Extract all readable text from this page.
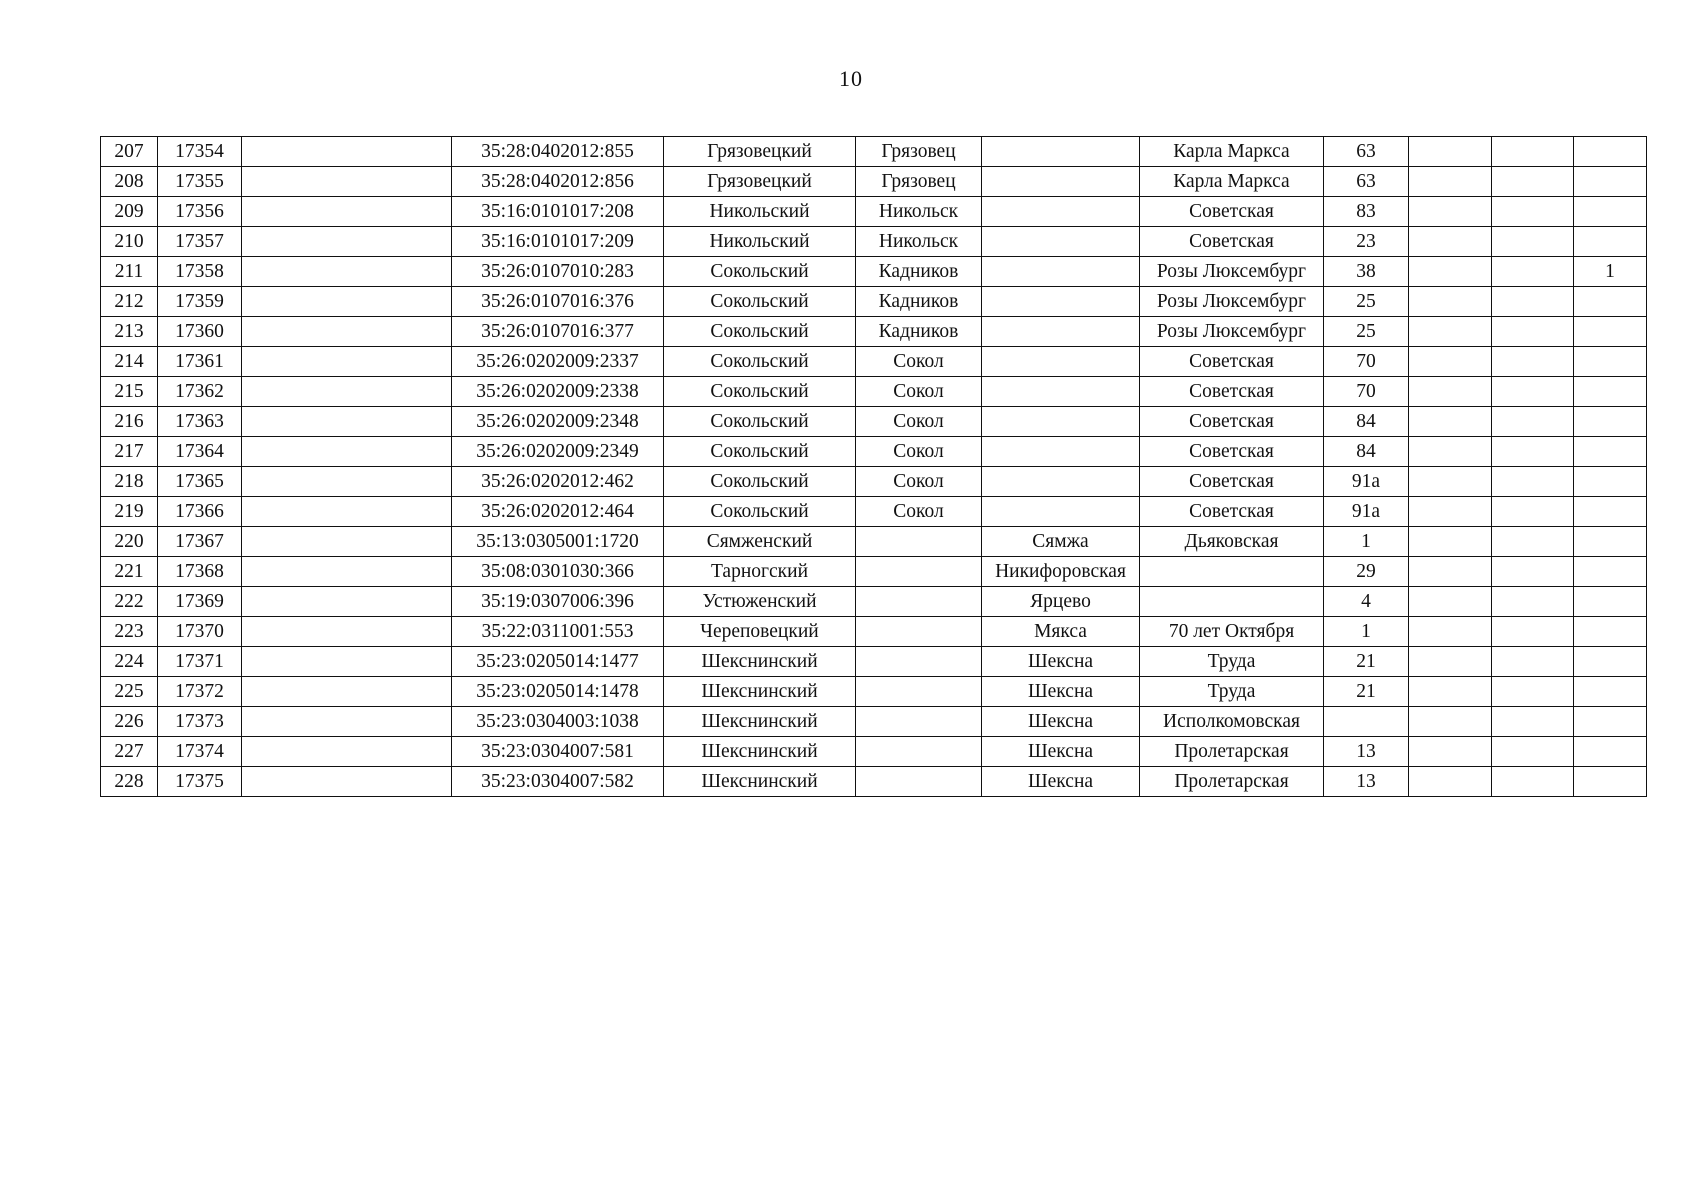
10
207	17354		35:28:0402012:855	Грязовецкий	Грязовец		Карла Маркса	63			
208	17355		35:28:0402012:856	Грязовецкий	Грязовец		Карла Маркса	63			
209	17356		35:16:0101017:208	Никольский	Никольск		Советская	83			
210	17357		35:16:0101017:209	Никольский	Никольск		Советская	23			
211	17358		35:26:0107010:283	Сокольский	Кадников		Розы Люксембург	38			1
212	17359		35:26:0107016:376	Сокольский	Кадников		Розы Люксембург	25			
213	17360		35:26:0107016:377	Сокольский	Кадников		Розы Люксембург	25			
214	17361		35:26:0202009:2337	Сокольский	Сокол		Советская	70			
215	17362		35:26:0202009:2338	Сокольский	Сокол		Советская	70			
216	17363		35:26:0202009:2348	Сокольский	Сокол		Советская	84			
217	17364		35:26:0202009:2349	Сокольский	Сокол		Советская	84			
218	17365		35:26:0202012:462	Сокольский	Сокол		Советская	91а			
219	17366		35:26:0202012:464	Сокольский	Сокол		Советская	91а			
220	17367		35:13:0305001:1720	Сямженский		Сямжа	Дьяковская	1			
221	17368		35:08:0301030:366	Тарногский		Никифоровская		29			
222	17369		35:19:0307006:396	Устюженский		Ярцево		4			
223	17370		35:22:0311001:553	Череповецкий		Мякса	70 лет Октября	1			
224	17371		35:23:0205014:1477	Шекснинский		Шексна	Труда	21			
225	17372		35:23:0205014:1478	Шекснинский		Шексна	Труда	21			
226	17373		35:23:0304003:1038	Шекснинский		Шексна	Исполкомовская				
227	17374		35:23:0304007:581	Шекснинский		Шексна	Пролетарская	13			
228	17375		35:23:0304007:582	Шекснинский		Шексна	Пролетарская	13			
